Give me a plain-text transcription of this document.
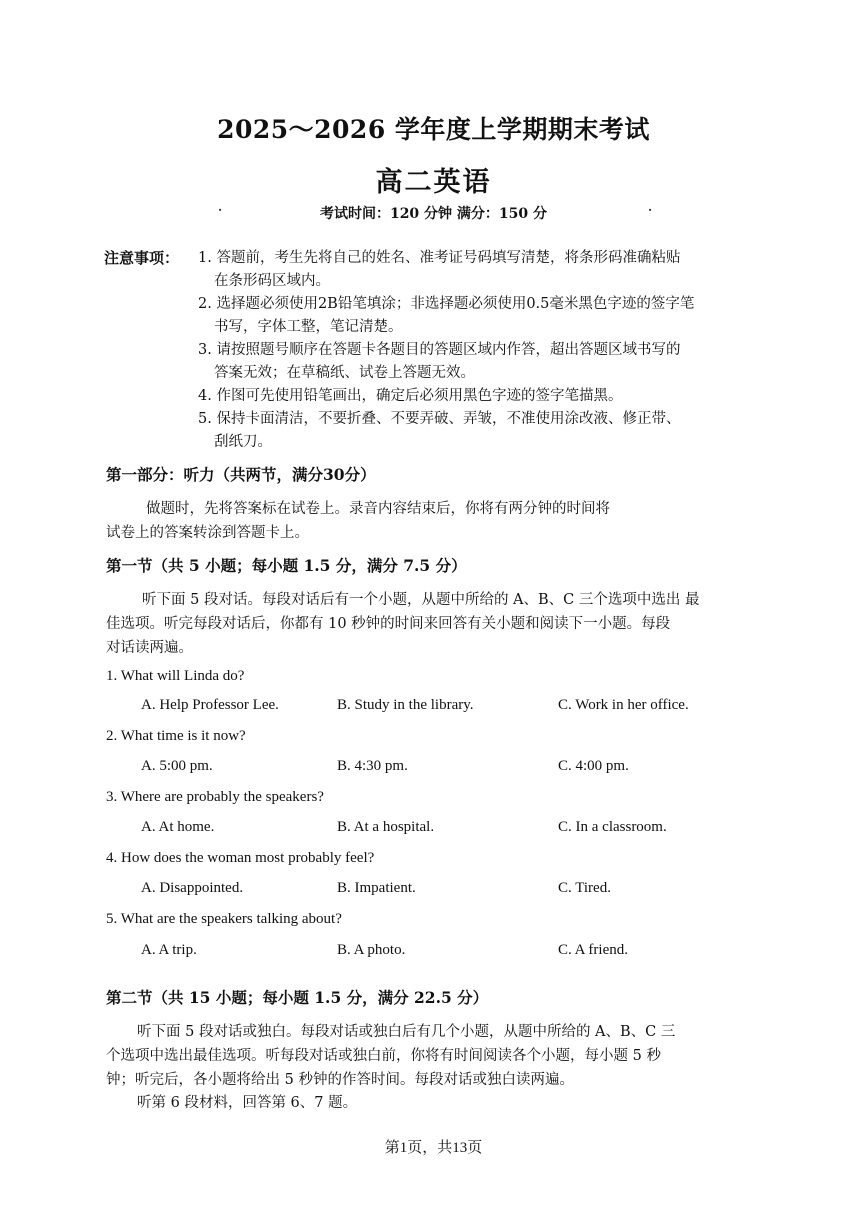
2025～2026 学年度上学期期末考试
高二英语
·	考试时间：120 分钟 满分：150 分	·
注意事项： 1. 答题前，考生先将自己的姓名、准考证号码填写清楚，将条形码准确粘贴
在条形码区域内。
2. 选择题必须使用2B铅笔填涂；非选择题必须使用0.5毫米黑色字迹的签字笔
书写，字体工整，笔记清楚。
3. 请按照题号顺序在答题卡各题目的答题区域内作答，超出答题区域书写的
答案无效；在草稿纸、试卷上答题无效。
4. 作图可先使用铅笔画出，确定后必须用黑色字迹的签字笔描黑。
5. 保持卡面清洁，不要折叠、不要弄破、弄皱，不准使用涂改液、修正带、
刮纸刀。
第一部分：听力（共两节，满分30分）
做题时，先将答案标在试卷上。录音内容结束后，你将有两分钟的时间将
试卷上的答案转涂到答题卡上。
第一节（共 5 小题；每小题 1.5 分，满分 7.5 分）
听下面 5 段对话。每段对话后有一个小题，从题中所给的 A、B、C 三个选项中选出 最
佳选项。听完每段对话后，你都有 10 秒钟的时间来回答有关小题和阅读下一小题。每段
对话读两遍。
1. What will Linda do?
A. Help Professor Lee.	B. Study in the library.	C. Work in her office.
2. What time is it now?
A. 5:00 pm.	B. 4:30 pm.	C. 4:00 pm.
3. Where are probably the speakers?
A. At home.	B. At a hospital.	C. In a classroom.
4. How does the woman most probably feel?
A. Disappointed.	B. Impatient.	C. Tired.
5. What are the speakers talking about?
A. A trip.	B. A photo.	C. A friend.
第二节（共 15 小题；每小题 1.5 分，满分 22.5 分）
听下面 5 段对话或独白。每段对话或独白后有几个小题，从题中所给的 A、B、C 三
个选项中选出最佳选项。听每段对话或独白前，你将有时间阅读各个小题，每小题 5 秒
钟；听完后，各小题将给出 5 秒钟的作答时间。每段对话或独白读两遍。
听第 6 段材料，回答第 6、7 题。
第1页，共13页
